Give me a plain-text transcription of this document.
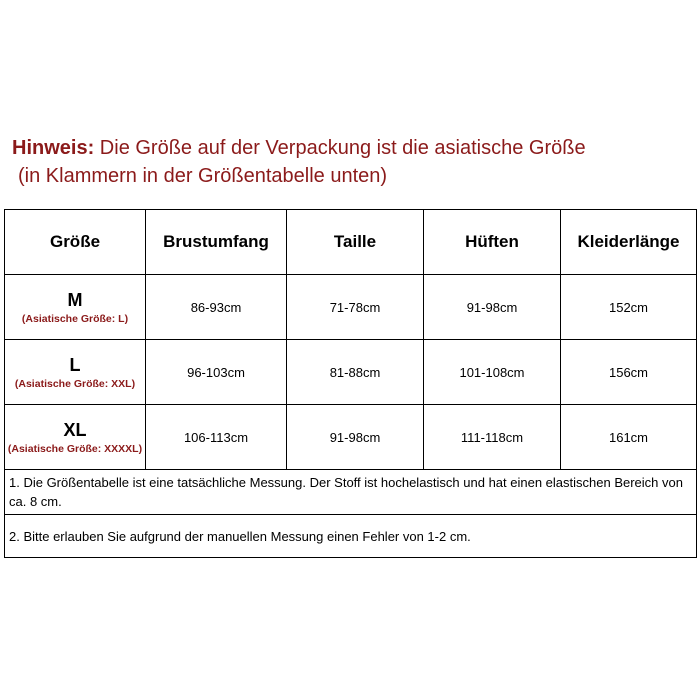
Hinweis: Die Größe auf der Verpackung ist die asiatische Größe
(in Klammern in der Größentabelle unten)
Größe	Brustumfang	Taille	Hüften	Kleiderlänge

M
(Asiatische Größe: L)	86-93cm	71-78cm	91-98cm	152cm

L
(Asiatische Größe: XXL)	96-103cm	81-88cm	101-108cm	156cm

XL
(Asiatische Größe: XXXXL)	106-113cm	91-98cm	111-118cm	161cm
1. Die Größentabelle ist eine tatsächliche Messung. Der Stoff ist hochelastisch und hat einen elastischen Bereich von ca. 8 cm.				
2. Bitte erlauben Sie aufgrund der manuellen Messung einen Fehler von 1-2 cm.				
